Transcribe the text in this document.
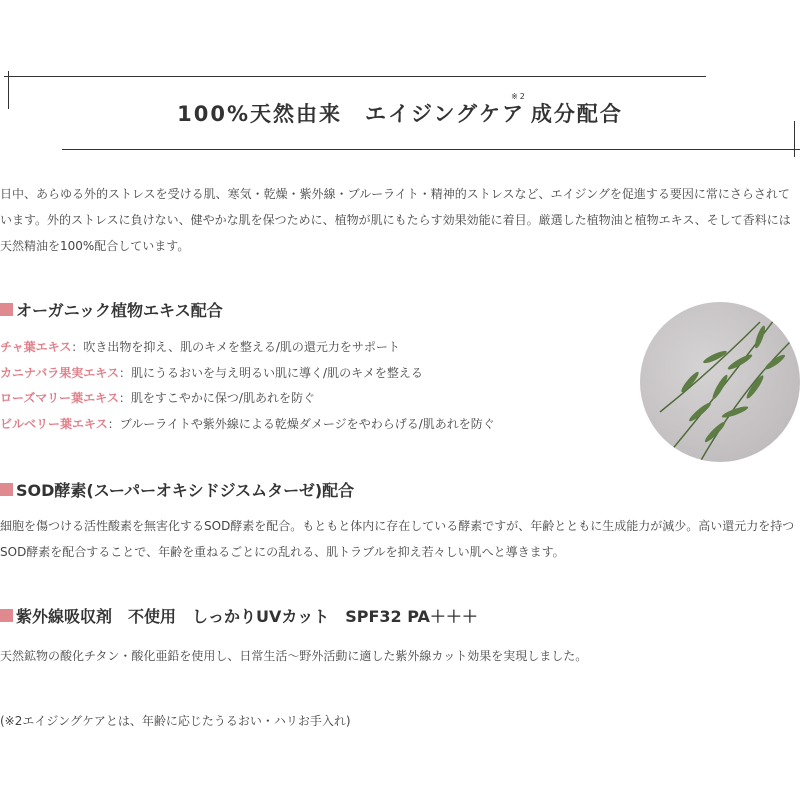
100%天然由来　エイジングケア$^{※2}$成分配合
日中、あらゆる外的ストレスを受ける肌、寒気・乾燥・紫外線・ブルーライト・精神的ストレスなど、エイジングを促進する要因に常にさらされています。外的ストレスに負けない、健やかな肌を保つために、植物が肌にもたらす効果効能に着目。厳選した植物油と植物エキス、そして香料には天然精油を100%配合しています。
オーガニック植物エキス配合
チャ葉エキス：吹き出物を抑え、肌のキメを整える/肌の還元力をサポート
カニナバラ果実エキス：肌にうるおいを与え明るい肌に導く/肌のキメを整える
ローズマリー葉エキス：肌をすこやかに保つ/肌あれを防ぐ
ビルベリー葉エキス：ブルーライトや紫外線による乾燥ダメージをやわらげる/肌あれを防ぐ
SOD酵素(スーパーオキシドジスムターゼ)配合
細胞を傷つける活性酸素を無害化するSOD酵素を配合。もともと体内に存在している酵素ですが、年齢とともに生成能力が減少。高い還元力を持つSOD酵素を配合することで、年齢を重ねるごとにの乱れる、肌トラブルを抑え若々しい肌へと導きます。
紫外線吸収剤　不使用　しっかりUVカット　SPF32 PA＋＋＋
天然鉱物の酸化チタン・酸化亜鉛を使用し、日常生活〜野外活動に適した紫外線カット効果を実現しました。
(※2エイジングケアとは、年齢に応じたうるおい・ハリお手入れ)
